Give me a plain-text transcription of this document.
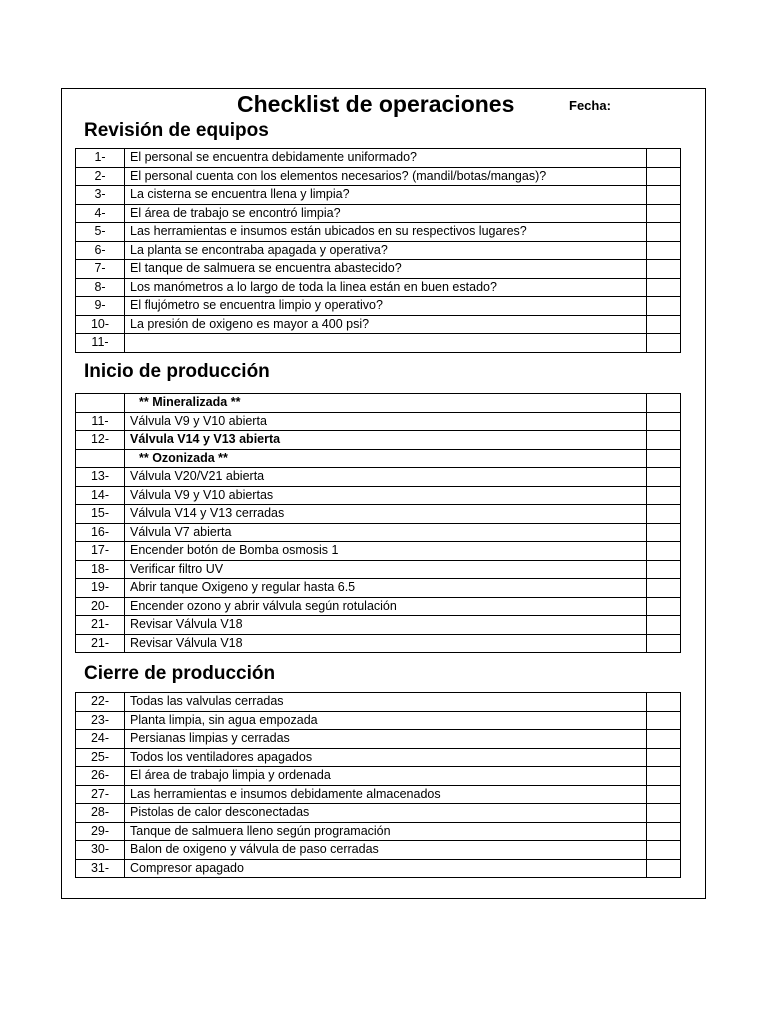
Checklist de operaciones	Fecha:
Revisión de equipos
1-	El personal se encuentra debidamente uniformado?	
2-	El personal cuenta con los elementos necesarios? (mandil/botas/mangas)?	
3-	La cisterna se encuentra llena y limpia?	
4-	El área de trabajo se encontró limpia?	
5-	Las herramientas e insumos están ubicados en su respectivos lugares?	
6-	La planta se encontraba apagada y operativa?	
7-	El tanque de salmuera se encuentra abastecido?	
8-	Los manómetros a lo largo de toda la linea están en buen estado?	
9-	El flujómetro se encuentra limpio y operativo?	
10-	La presión de oxigeno es mayor a 400 psi?	
11-		
Inicio de producción
	** Mineralizada **	
11-	Válvula V9 y V10 abierta	
12-	Válvula V14 y V13 abierta	
	** Ozonizada **	
13-	Válvula V20/V21 abierta	
14-	Válvula V9 y V10 abiertas	
15-	Válvula V14 y V13 cerradas	
16-	Válvula V7 abierta	
17-	Encender botón de Bomba osmosis 1	
18-	Verificar filtro UV	
19-	Abrir tanque Oxigeno y regular hasta 6.5	
20-	Encender ozono y abrir válvula según rotulación	
21-	Revisar Válvula V18	
21-	Revisar Válvula V18	
Cierre de producción
22-	Todas las valvulas cerradas	
23-	Planta limpia, sin agua empozada	
24-	Persianas limpias y cerradas	
25-	Todos los ventiladores apagados	
26-	El área de trabajo limpia y ordenada	
27-	Las herramientas e insumos debidamente almacenados	
28-	Pistolas de calor desconectadas	
29-	Tanque de salmuera lleno según programación	
30-	Balon de oxigeno y válvula de paso cerradas	
31-	Compresor apagado	
